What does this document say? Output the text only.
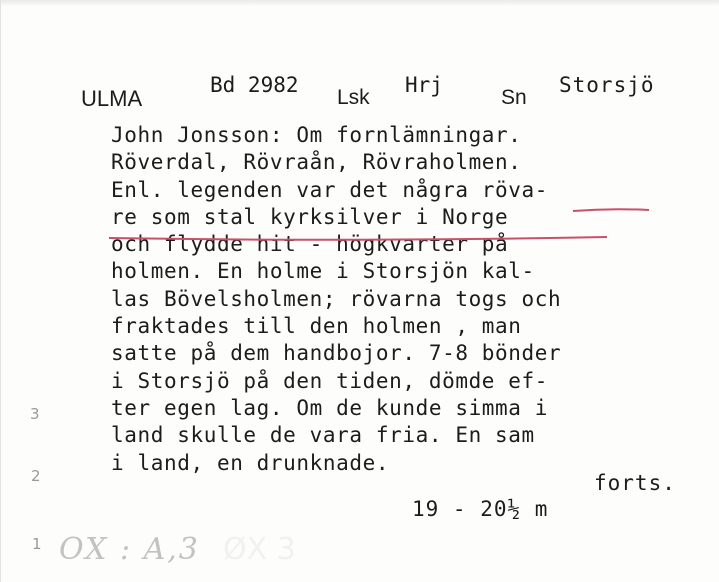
ULMA
Bd 2982
Lsk
Hrj
Sn
Storsjö
John Jonsson: Om fornlämningar.
Röverdal, Rövraån, Rövraholmen.
Enl. legenden var det några röva-
re som stal kyrksilver i Norge
och flydde hit - högkvarter på
holmen. En holme i Storsjön kal-
las Bövelsholmen; rövarna togs och
fraktades till den holmen , man
satte på dem handbojor. 7-8 bönder
i Storsjö på den tiden, dömde ef-
ter egen lag. Om de kunde simma i
land skulle de vara fria. En sam
i land, en drunknade.
forts.
19 - 20½ m
3
2
1 OX : A,3 ØX 3
